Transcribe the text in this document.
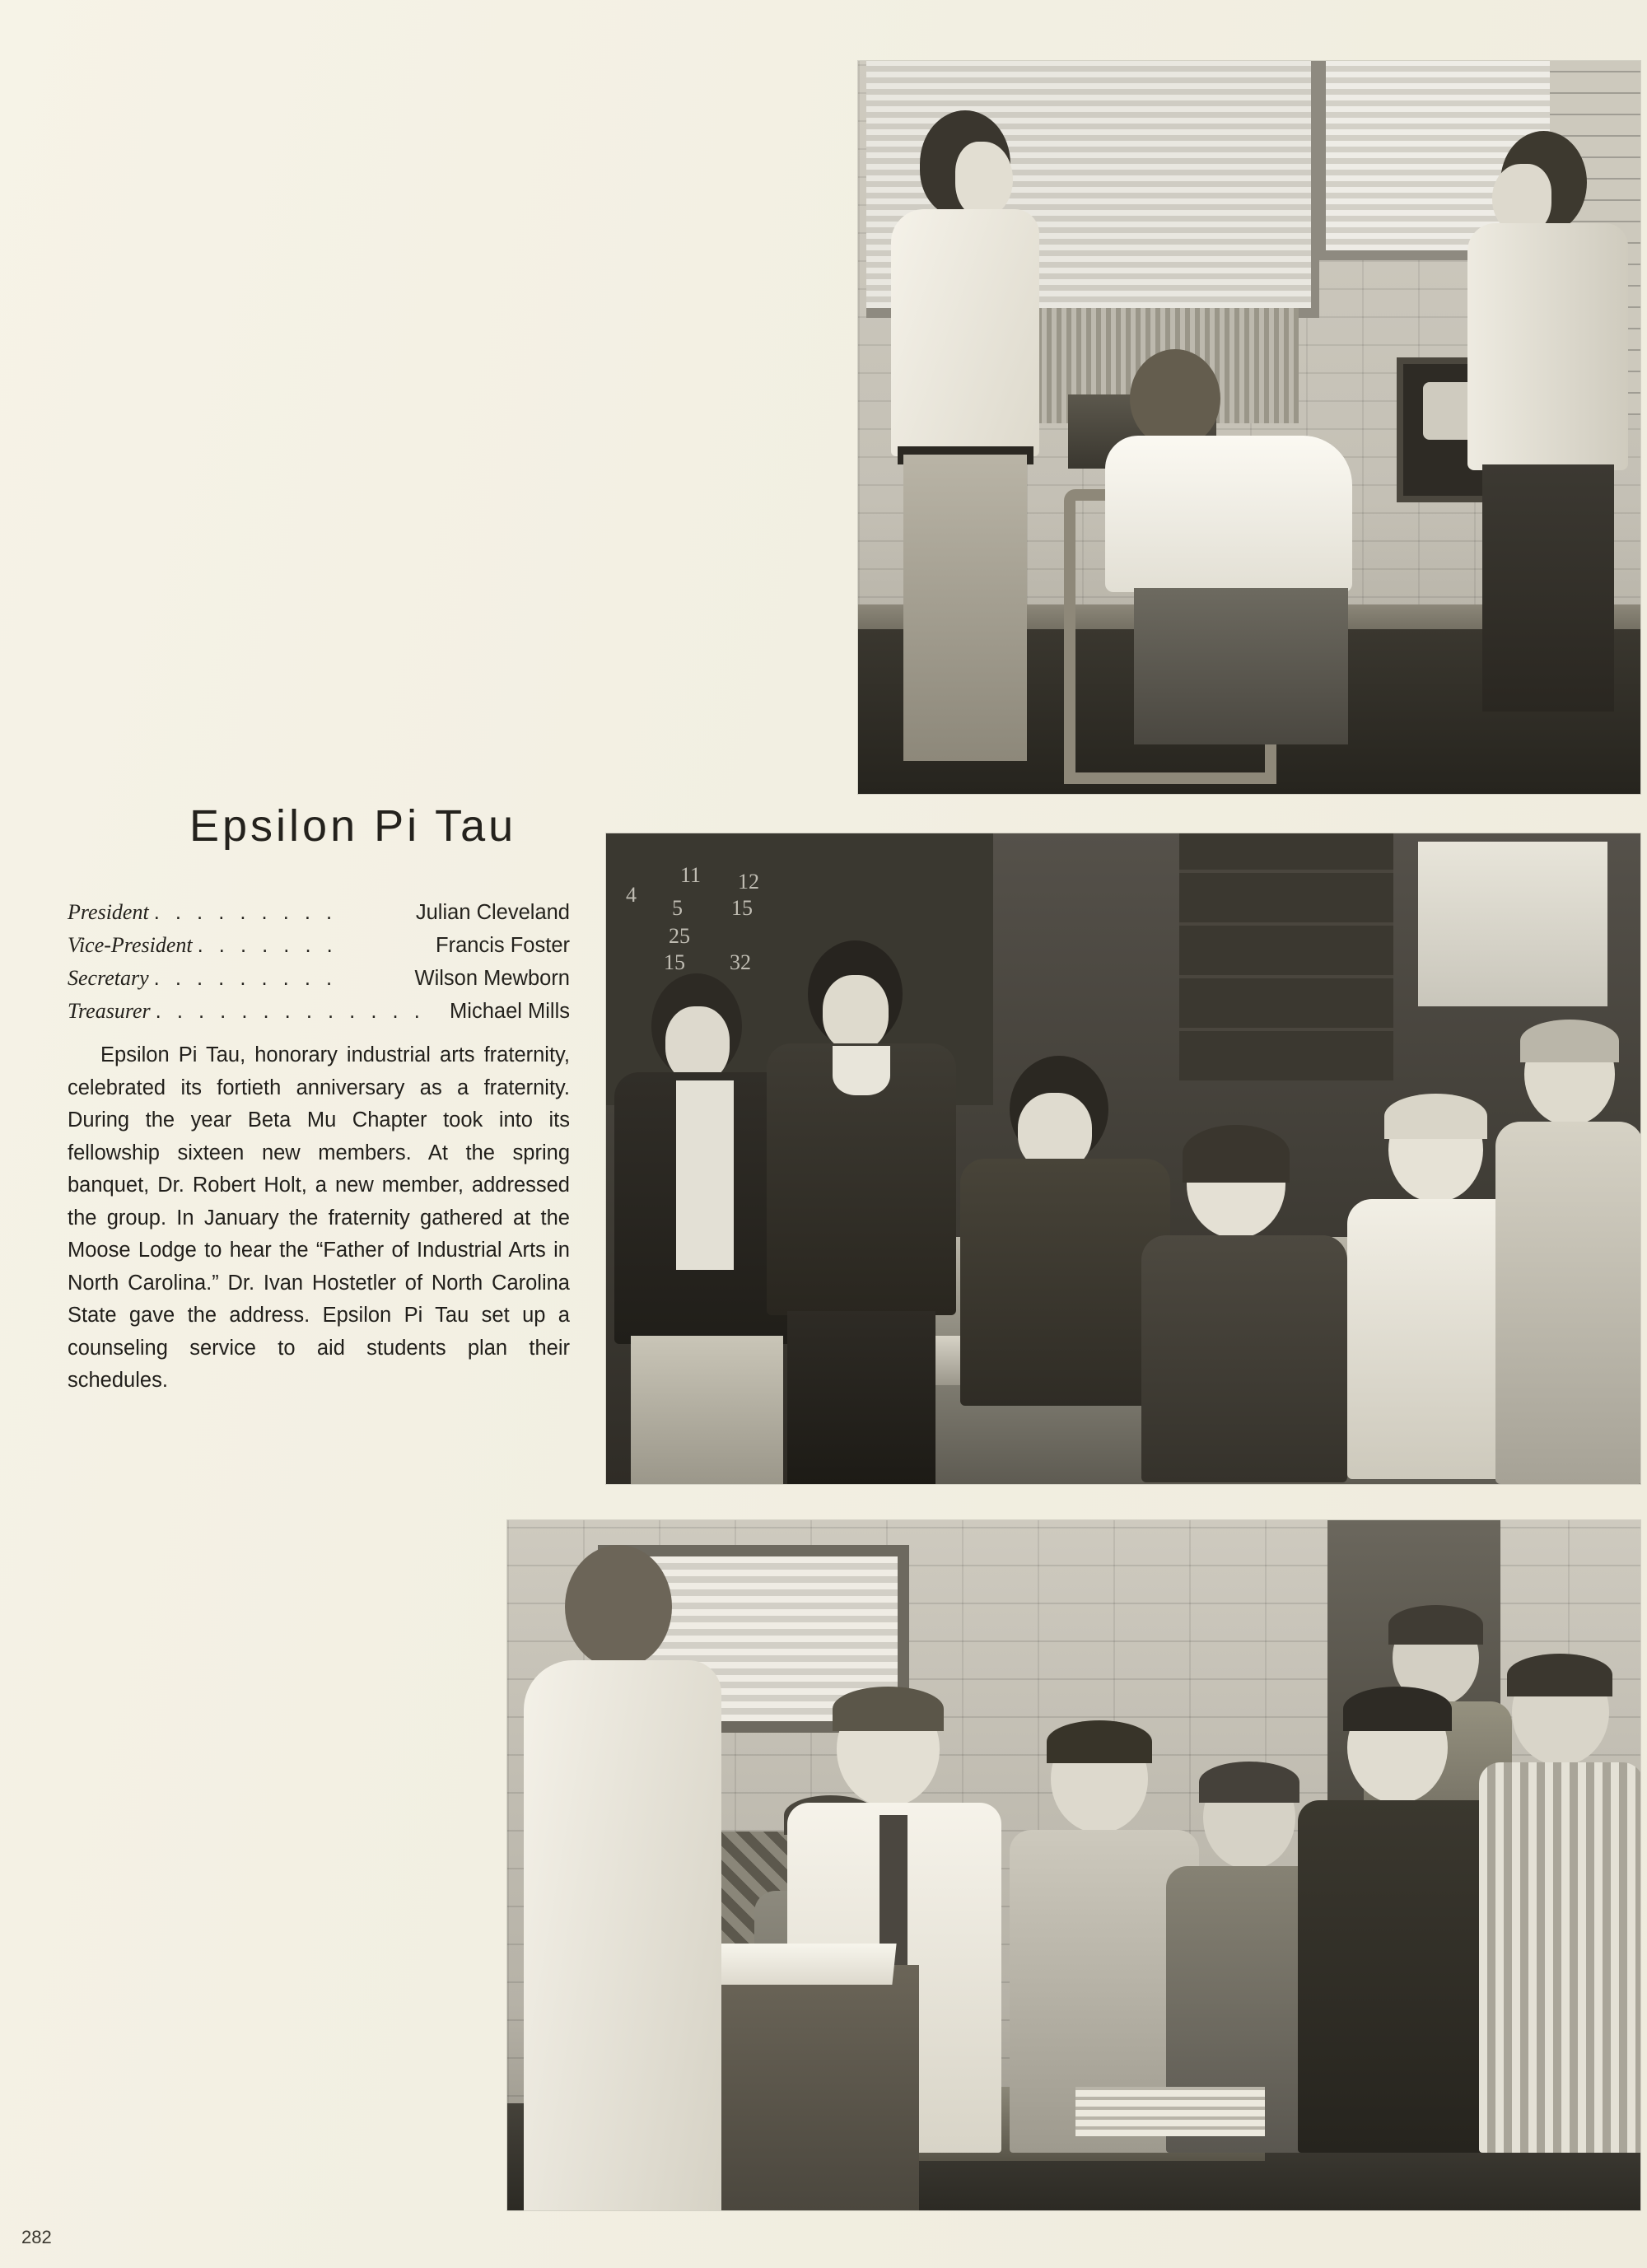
Epsilon Pi Tau
President . . . . . . . . .	Julian Cleveland
Vice-President . . . . . . .	Francis Foster
Secretary . . . . . . . . .	Wilson Mewborn
Treasurer . . . . . . . . . . . . . Michael Mills
Epsilon Pi Tau, honorary industrial arts fraternity, celebrated its fortieth anniversary as a fraternity. During the year Beta Mu Chapter took into its fellowship sixteen new members. At the spring banquet, Dr. Robert Holt, a new member, addressed the group. In January the fraternity gathered at the Moose Lodge to hear the “Father of Industrial Arts in North Carolina.” Dr. Ivan Hostetler of North Carolina State gave the address. Epsilon Pi Tau set up a counseling service to aid students plan their schedules.
4
11 12
5 15
25
15 32
282
